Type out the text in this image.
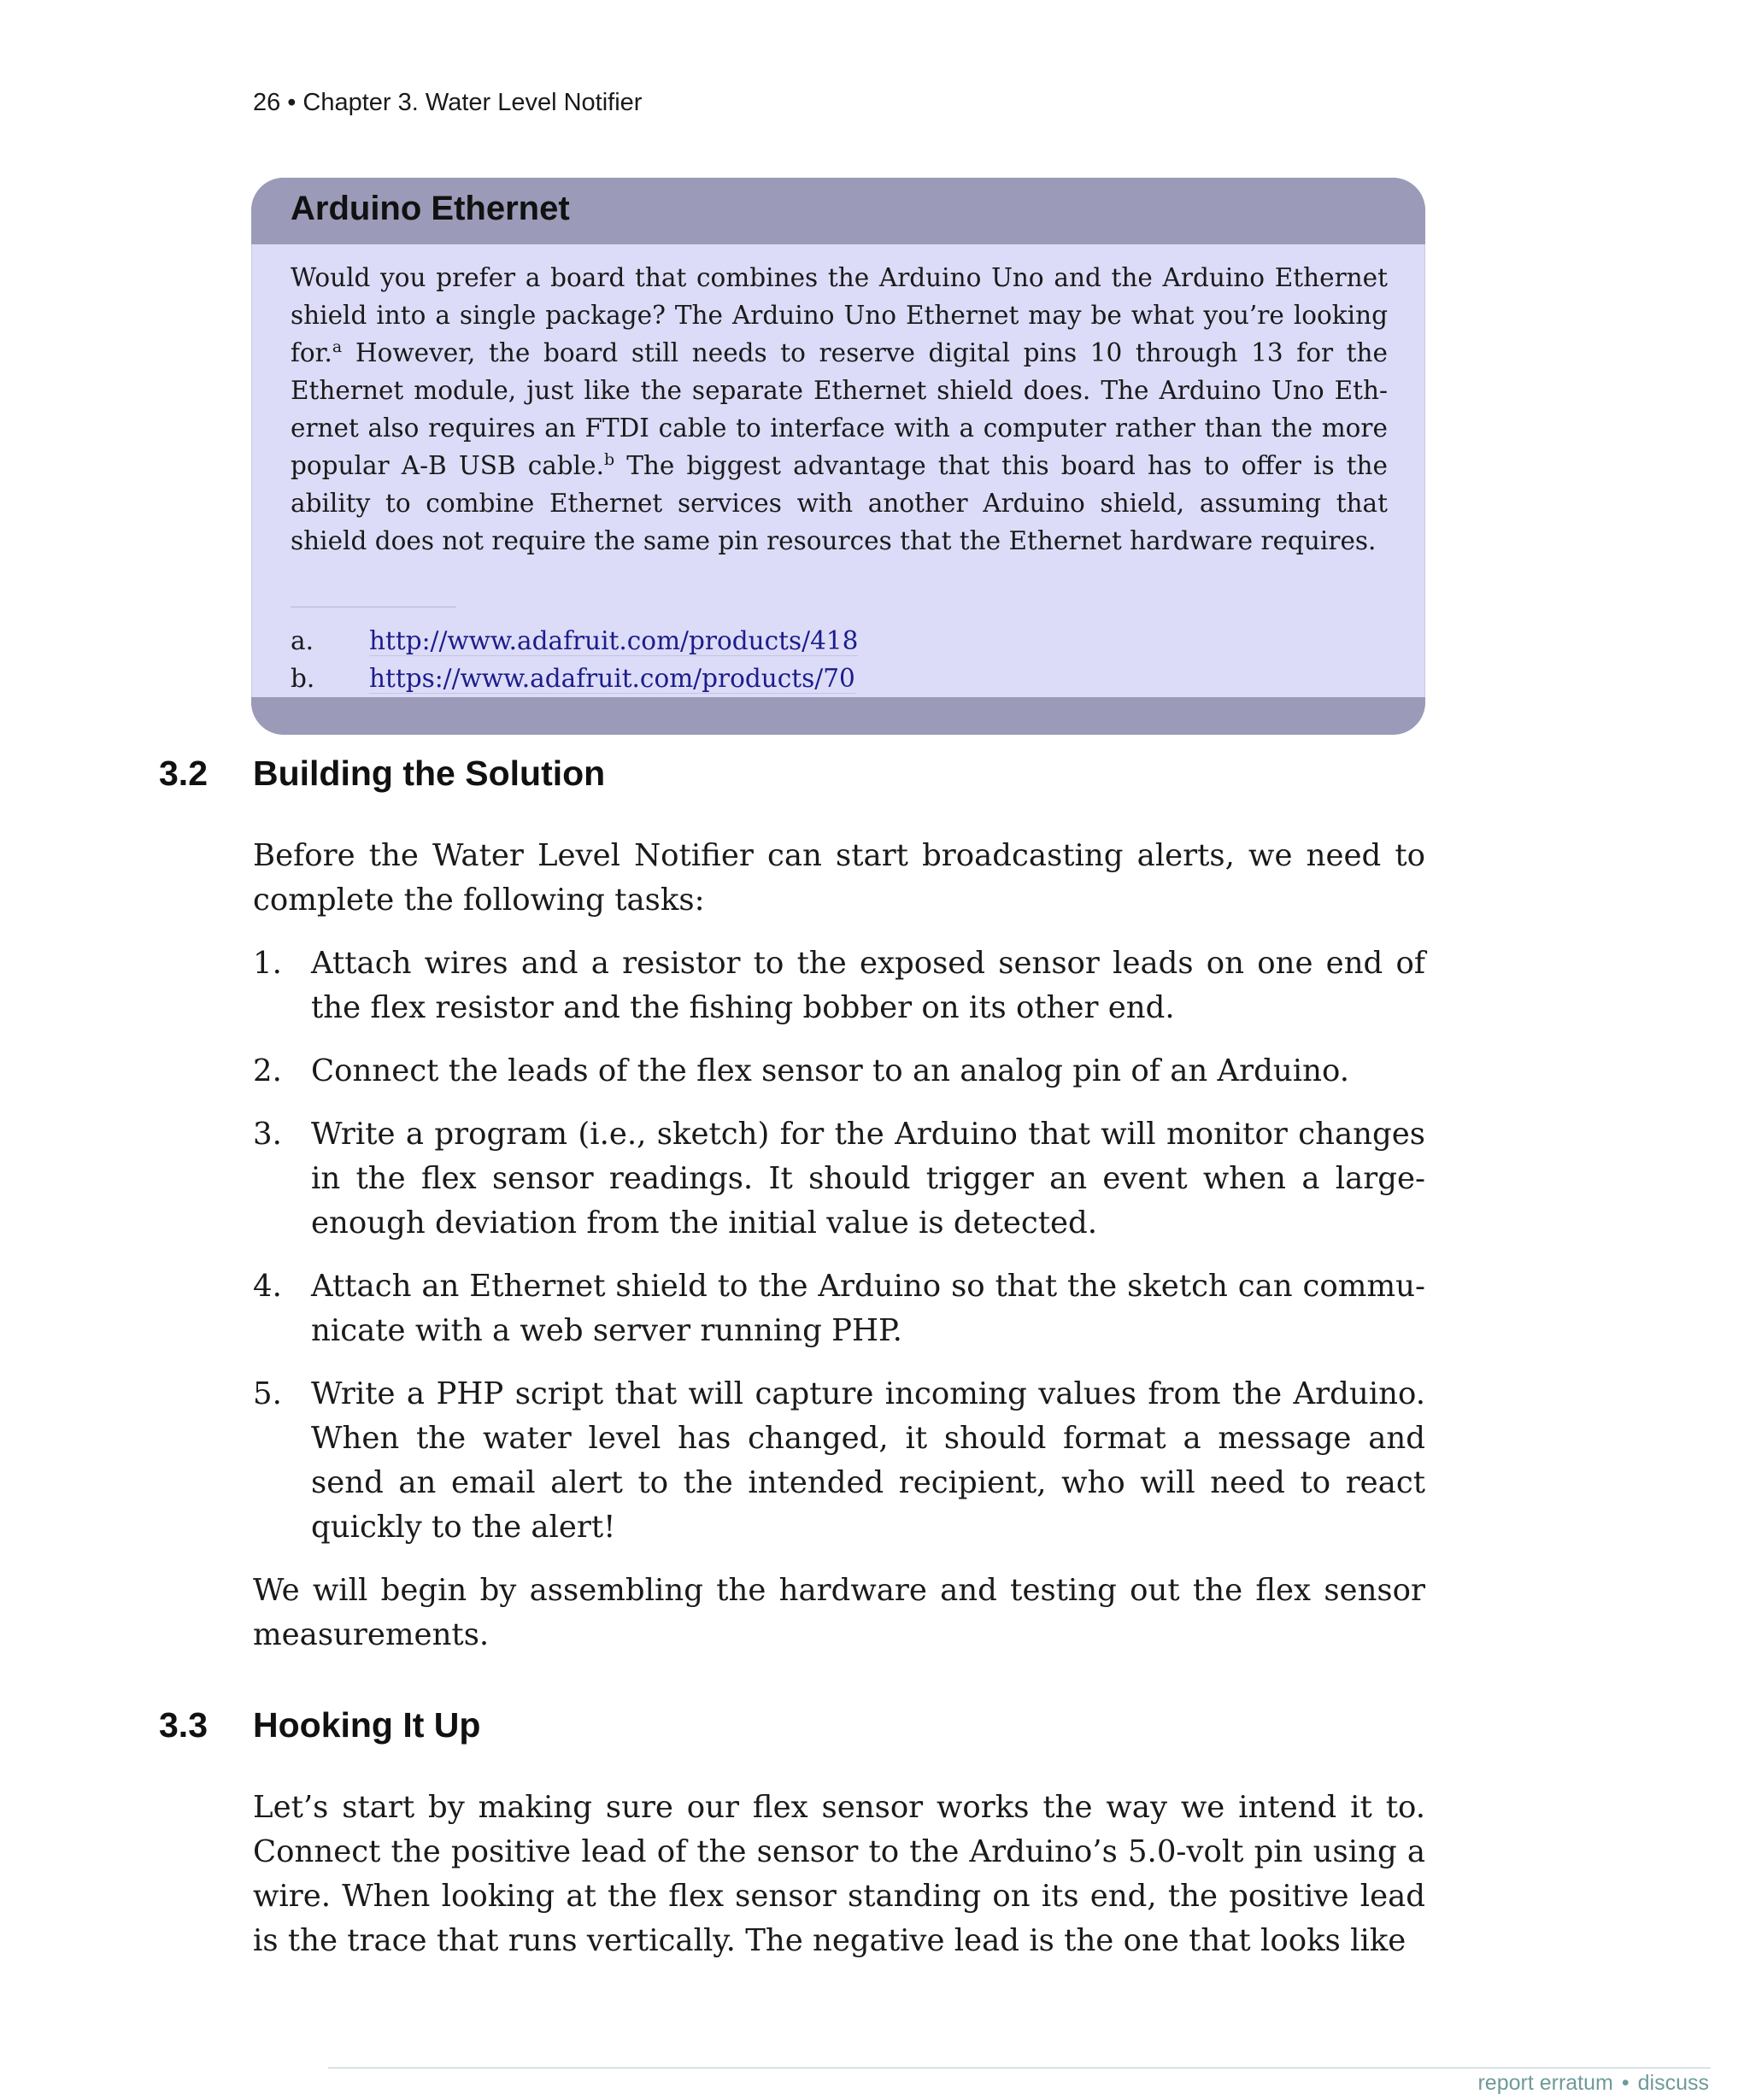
26 • Chapter 3. Water Level Notifier
Arduino Ethernet

Would you prefer a board that combines the Arduino Uno and the Arduino Ethernet shield into a single package? The Arduino Uno Ethernet may be what you’re looking for.$^a$ However, the board still needs to reserve digital pins 10 through 13 for the Ethernet module, just like the separate Ethernet shield does. The Arduino Uno Ethernet also requires an FTDI cable to interface with a computer rather than the more popular A-B USB cable.$^b$ The biggest advantage that this board has to offer is the ability to combine Ethernet services with another Arduino shield, assuming that shield does not require the same pin resources that the Ethernet hardware requires.

a. http://www.adafruit.com/products/418
b. https://www.adafruit.com/products/70
3.2 Building the Solution

Before the Water Level Notifier can start broadcasting alerts, we need to complete the following tasks:

1. Attach wires and a resistor to the exposed sensor leads on one end of the flex resistor and the fishing bobber on its other end.

2. Connect the leads of the flex sensor to an analog pin of an Arduino.

3. Write a program (i.e., sketch) for the Arduino that will monitor changes in the flex sensor readings. It should trigger an event when a large-enough deviation from the initial value is detected.

4. Attach an Ethernet shield to the Arduino so that the sketch can communicate with a web server running PHP.

5. Write a PHP script that will capture incoming values from the Arduino. When the water level has changed, it should format a message and send an email alert to the intended recipient, who will need to react quickly to the alert!

We will begin by assembling the hardware and testing out the flex sensor measurements.

3.3 Hooking It Up

Let’s start by making sure our flex sensor works the way we intend it to. Connect the positive lead of the sensor to the Arduino’s 5.0-volt pin using a wire. When looking at the flex sensor standing on its end, the positive lead is the trace that runs vertically. The negative lead is the one that looks like

report erratum • discuss
